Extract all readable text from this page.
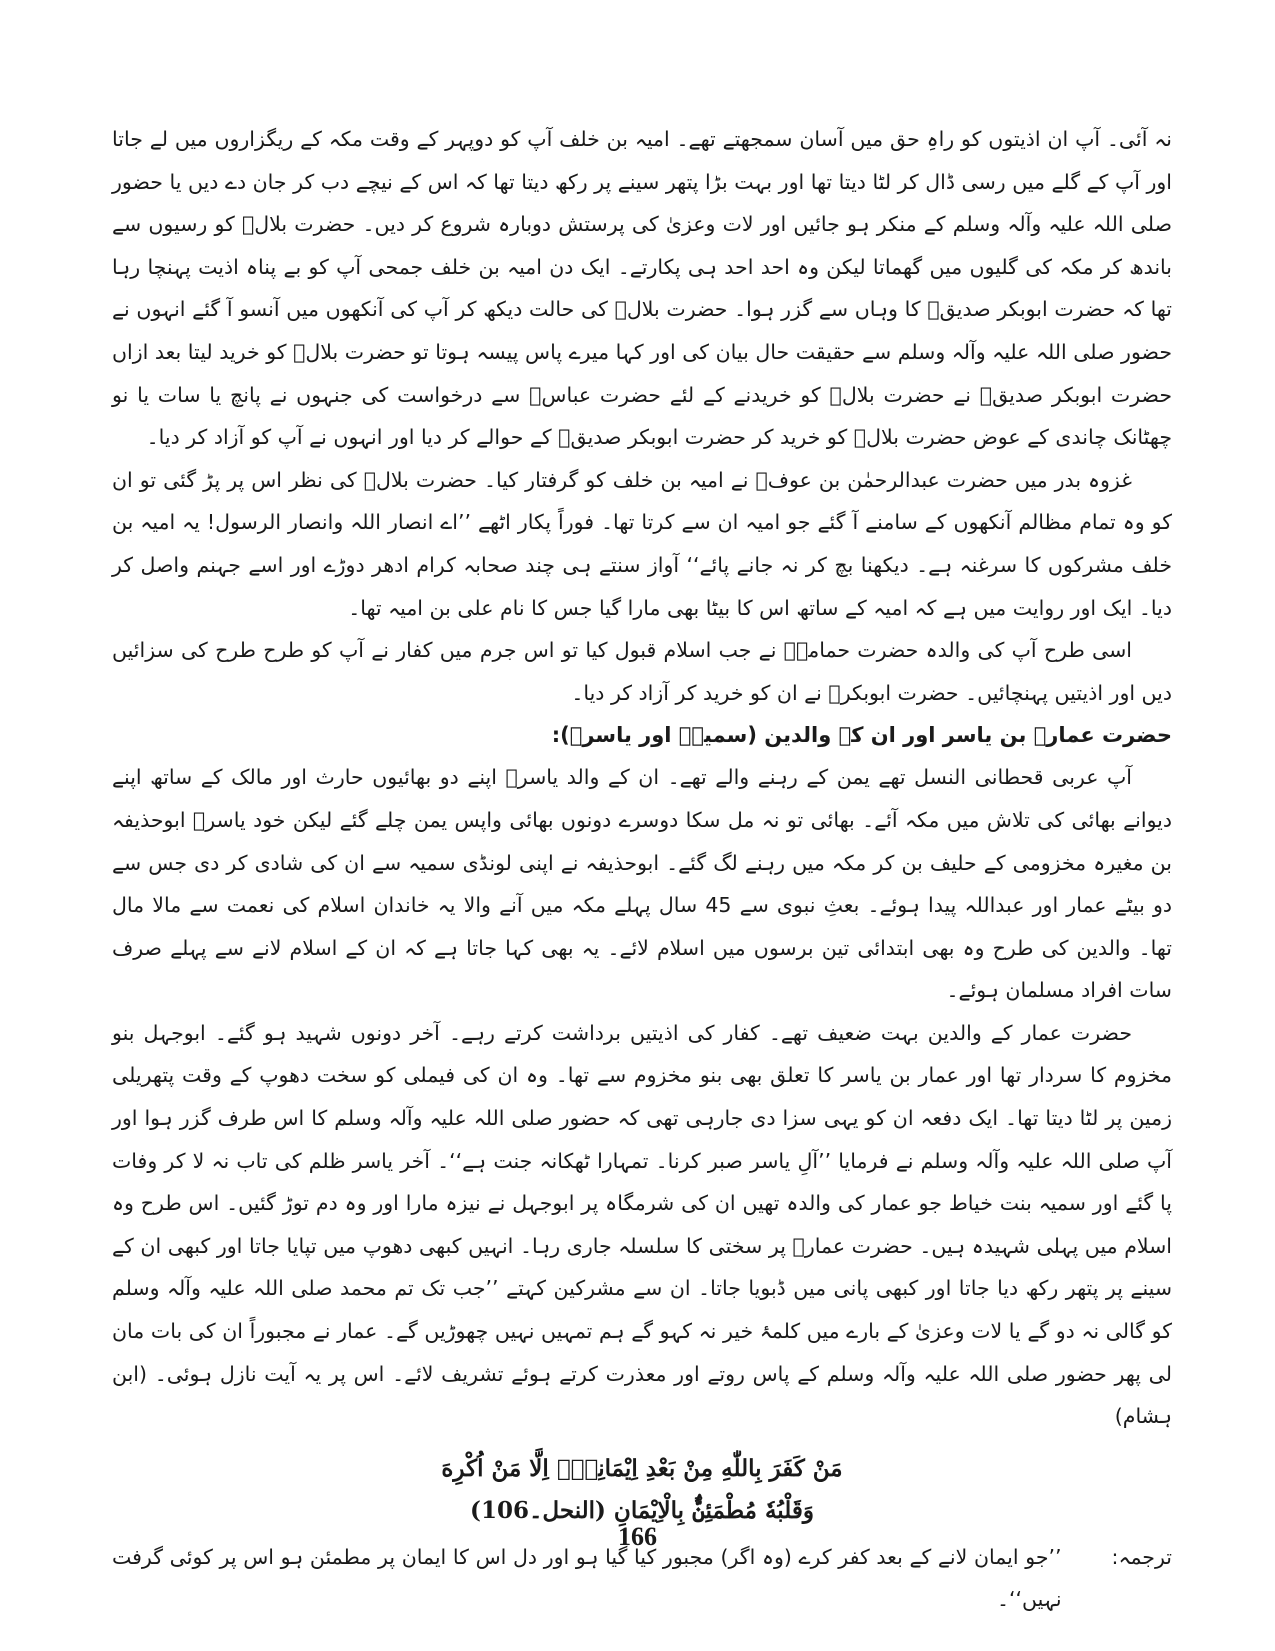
نہ آئی۔ آپ ان اذیتوں کو راہِ حق میں آسان سمجھتے تھے۔ امیہ بن خلف آپ کو دوپہر کے وقت مکہ کے ریگزاروں میں لے جاتا اور آپ کے گلے میں رسی ڈال کر لٹا دیتا تھا اور بہت بڑا پتھر سینے پر رکھ دیتا تھا کہ اس کے نیچے دب کر جان دے دیں یا حضور صلی اللہ علیہ وآلہ وسلم کے منکر ہو جائیں اور لات وعزیٰ کی پرستش دوبارہ شروع کر دیں۔ حضرت بلالؓ کو رسیوں سے باندھ کر مکہ کی گلیوں میں گھماتا لیکن وہ احد احد ہی پکارتے۔ ایک دن امیہ بن خلف جمحی آپ کو بے پناہ اذیت پہنچا رہا تھا کہ حضرت ابوبکر صدیقؓ کا وہاں سے گزر ہوا۔ حضرت بلالؓ کی حالت دیکھ کر آپ کی آنکھوں میں آنسو آ گئے انہوں نے حضور صلی اللہ علیہ وآلہ وسلم سے حقیقت حال بیان کی اور کہا میرے پاس پیسہ ہوتا تو حضرت بلالؓ کو خرید لیتا بعد ازاں حضرت ابوبکر صدیقؓ نے حضرت بلالؓ کو خریدنے کے لئے حضرت عباسؓ سے درخواست کی جنہوں نے پانچ یا سات یا نو چھٹانک چاندی کے عوض حضرت بلالؓ کو خرید کر حضرت ابوبکر صدیقؓ کے حوالے کر دیا اور انہوں نے آپ کو آزاد کر دیا۔

غزوہ بدر میں حضرت عبدالرحمٰن بن عوفؓ نے امیہ بن خلف کو گرفتار کیا۔ حضرت بلالؓ کی نظر اس پر پڑ گئی تو ان کو وہ تمام مظالم آنکھوں کے سامنے آ گئے جو امیہ ان سے کرتا تھا۔ فوراً پکار اٹھے ’’اے انصار اللہ وانصار الرسول! یہ امیہ بن خلف مشرکوں کا سرغنہ ہے۔ دیکھنا بچ کر نہ جانے پائے‘‘ آواز سنتے ہی چند صحابہ کرام ادھر دوڑے اور اسے جہنم واصل کر دیا۔ ایک اور روایت میں ہے کہ امیہ کے ساتھ اس کا بیٹا بھی مارا گیا جس کا نام علی بن امیہ تھا۔

اسی طرح آپ کی والدہ حضرت حمامہؓ نے جب اسلام قبول کیا تو اس جرم میں کفار نے آپ کو طرح طرح کی سزائیں دیں اور اذیتیں پہنچائیں۔ حضرت ابوبکرؓ نے ان کو خرید کر آزاد کر دیا۔

حضرت عمارؓ بن یاسر اور ان کے والدین (سمیہؓ اور یاسرؓ):

آپ عربی قحطانی النسل تھے یمن کے رہنے والے تھے۔ ان کے والد یاسرؓ اپنے دو بھائیوں حارث اور مالک کے ساتھ اپنے دیوانے بھائی کی تلاش میں مکہ آئے۔ بھائی تو نہ مل سکا دوسرے دونوں بھائی واپس یمن چلے گئے لیکن خود یاسرؓ ابوحذیفہ بن مغیرہ مخزومی کے حلیف بن کر مکہ میں رہنے لگ گئے۔ ابوحذیفہ نے اپنی لونڈی سمیہ سے ان کی شادی کر دی جس سے دو بیٹے عمار اور عبداللہ پیدا ہوئے۔ بعثِ نبوی سے 45 سال پہلے مکہ میں آنے والا یہ خاندان اسلام کی نعمت سے مالا مال تھا۔ والدین کی طرح وہ بھی ابتدائی تین برسوں میں اسلام لائے۔ یہ بھی کہا جاتا ہے کہ ان کے اسلام لانے سے پہلے صرف سات افراد مسلمان ہوئے۔

حضرت عمار کے والدین بہت ضعیف تھے۔ کفار کی اذیتیں برداشت کرتے رہے۔ آخر دونوں شہید ہو گئے۔ ابوجہل بنو مخزوم کا سردار تھا اور عمار بن یاسر کا تعلق بھی بنو مخزوم سے تھا۔ وہ ان کی فیملی کو سخت دھوپ کے وقت پتھریلی زمین پر لٹا دیتا تھا۔ ایک دفعہ ان کو یہی سزا دی جارہی تھی کہ حضور صلی اللہ علیہ وآلہ وسلم کا اس طرف گزر ہوا اور آپ صلی اللہ علیہ وآلہ وسلم نے فرمایا ’’آلِ یاسر صبر کرنا۔ تمہارا ٹھکانہ جنت ہے‘‘۔ آخر یاسر ظلم کی تاب نہ لا کر وفات پا گئے اور سمیہ بنت خیاط جو عمار کی والدہ تھیں ان کی شرمگاہ پر ابوجہل نے نیزہ مارا اور وہ دم توڑ گئیں۔ اس طرح وہ اسلام میں پہلی شہیدہ ہیں۔ حضرت عمارؓ پر سختی کا سلسلہ جاری رہا۔ انہیں کبھی دھوپ میں تپایا جاتا اور کبھی ان کے سینے پر پتھر رکھ دیا جاتا اور کبھی پانی میں ڈبویا جاتا۔ ان سے مشرکین کہتے ’’جب تک تم محمد صلی اللہ علیہ وآلہ وسلم کو گالی نہ دو گے یا لات وعزیٰ کے بارے میں کلمۂ خیر نہ کہو گے ہم تمہیں نہیں چھوڑیں گے۔ عمار نے مجبوراً ان کی بات مان لی پھر حضور صلی اللہ علیہ وآلہ وسلم کے پاس روتے اور معذرت کرتے ہوئے تشریف لائے۔ اس پر یہ آیت نازل ہوئی۔ (ابن ہشام)

مَنْ كَفَرَ بِاللّٰهِ مِنْ بَعْدِ اِيْمَانِهٖٓ اِلَّا مَنْ اُكْرِهَ
وَقَلْبُهٗ مُطْمَئِنٌّۢ بِالْاِيْمَانِ (النحل۔106)
ترجمہ:
’’جو ایمان لانے کے بعد کفر کرے (وہ اگر) مجبور کیا گیا ہو اور دل اس کا ایمان پر مطمئن ہو اس پر کوئی گرفت نہیں‘‘۔
166
